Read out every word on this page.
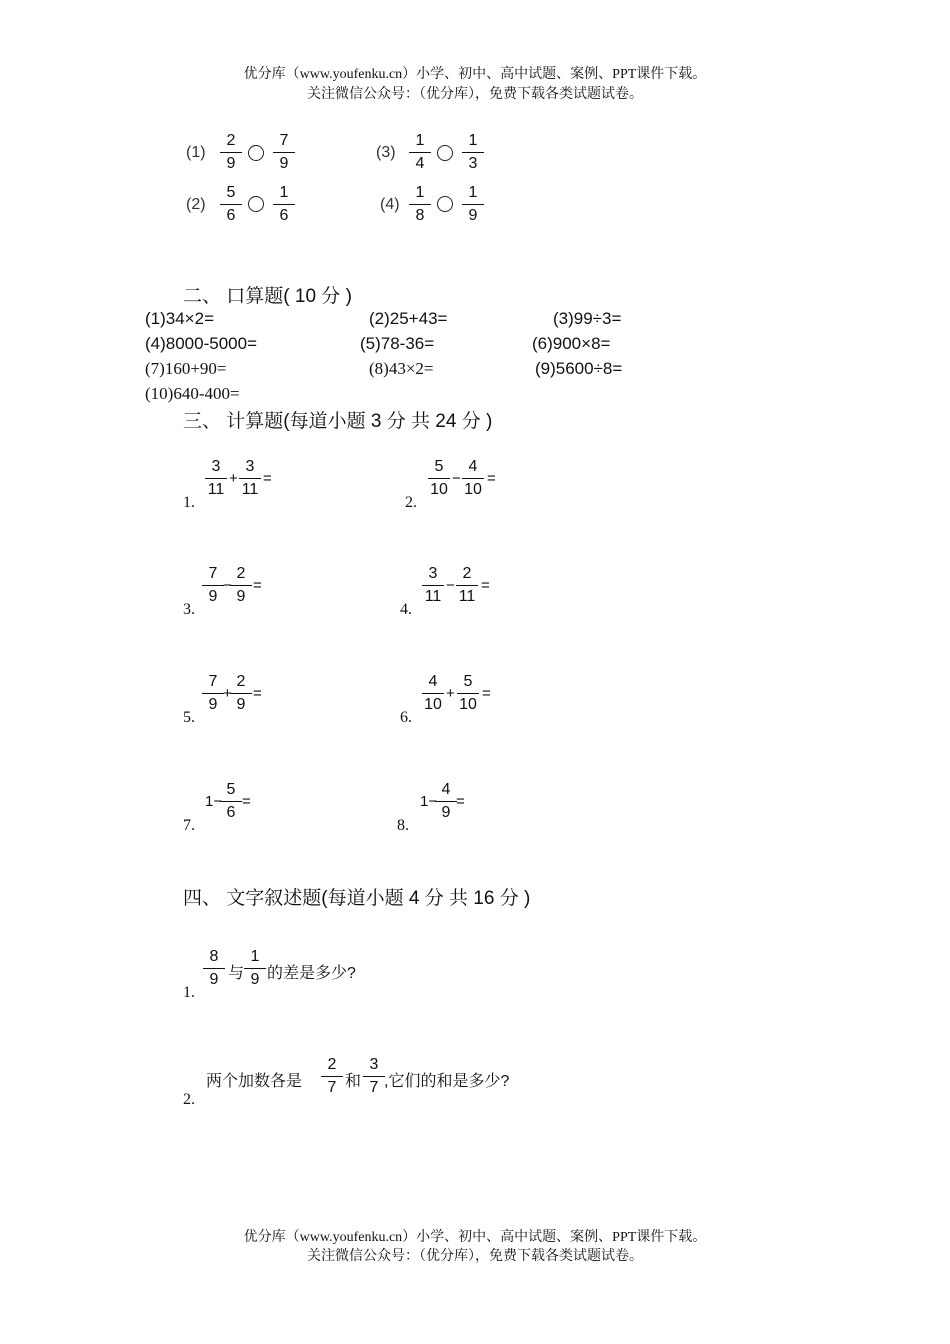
优分库（www.youfenku.cn）小学、初中、高中试题、案例、PPT课件下载。
关注微信公众号：（优分库），免费下载各类试题试卷。
(1)
2
9
7
9
(2)
5
6
1
6
(3)
1
4
1
3
(4)
1
8
1
9
二、 口算题( 10 分 )
(1)34×2=	(2)25+43=	(3)99÷3=
(4)8000-5000=	(5)78-36=	(6)900×8=
(7)160+90=	(8)43×2=	(9)5600÷8=
(10)640-400=
三、 计算题(每道小题 3 分 共 24 分 )
1.
3
11
+
3
11
=
2.
5
10
−
4
10
=
3.
7
9
−
2
9
=
4.
3
11
−
2
11
=
5.
7
9
+
2
9
=
6.
4
10
+
5
10
=
7.
1−
5
6
=
8.
1−
4
9
=
四、 文字叙述题(每道小题 4 分 共 16 分 )
1.
8
9 与
1
9 的差是多少?
2.
两个加数各是
2
7 和
3
7 ,它们的和是多少?
优分库（www.youfenku.cn）小学、初中、高中试题、案例、PPT课件下载。
关注微信公众号：（优分库），免费下载各类试题试卷。
